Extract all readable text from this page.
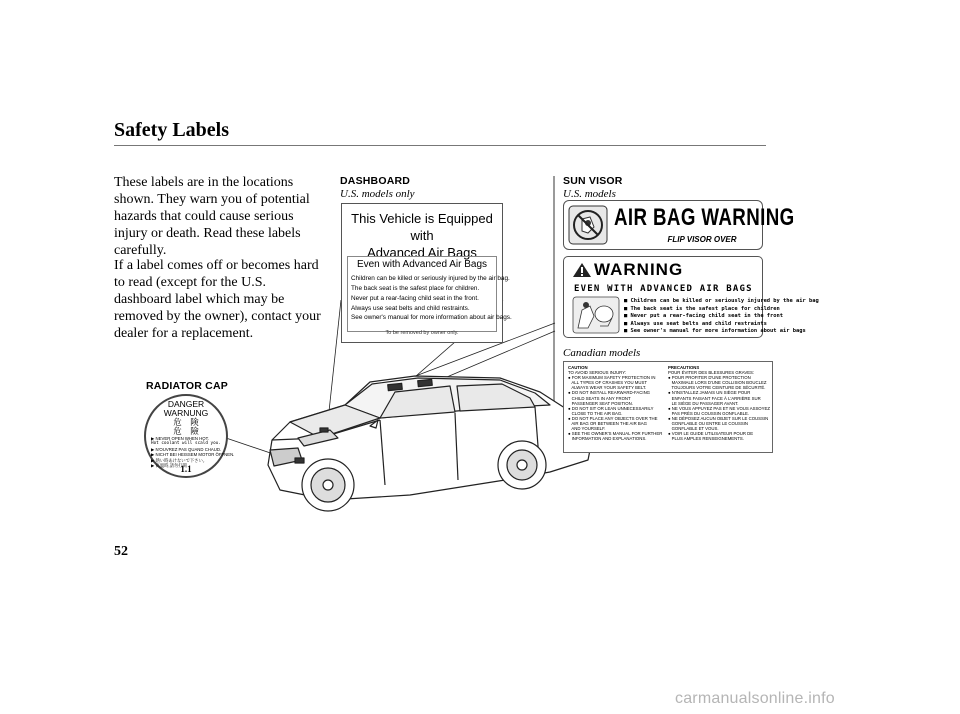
Safety Labels
These labels are in the locations shown. They warn you of potential hazards that could cause serious injury or death. Read these labels carefully.
If a label comes off or becomes hard to read (except for the U.S. dashboard label which may be removed by the owner), contact your dealer for a replacement.
DASHBOARD
U.S. models only
SUN VISOR
U.S. models
Canadian models
RADIATOR CAP
This Vehicle is Equipped with
Advanced Air Bags
Even with Advanced Air Bags
Children can be killed or seriously injured by the air bag.
The back seat is the safest place for children.
Never put a rear-facing child seat in the front.
Always use seat belts and child restraints.
See owner's manual for more information about air bags.
To be removed by owner only.
AIR BAG WARNING
FLIP VISOR OVER
WARNING
EVEN WITH ADVANCED AIR BAGS
■ Children can be killed or seriously injured by the air bag
■ The back seat is the safest place for children
■ Never put a rear-facing child seat in the front
■ Always use seat belts and child restraints
■ See owner's manual for more information about air bags
CAUTION
TO AVOID SERIOUS INJURY:
● FOR MAXIMUM SAFETY PROTECTION IN
ALL TYPES OF CRASHES YOU MUST
ALWAYS WEAR YOUR SAFETY BELT.
● DO NOT INSTALL REARWARD-FACING
CHILD SEATS IN ANY FRONT
PASSENGER SEAT POSITION.
● DO NOT SIT OR LEAN UNNECESSARILY
CLOSE TO THE AIR BAG.
● DO NOT PLACE ANY OBJECTS OVER THE
AIR BAG OR BETWEEN THE AIR BAG
AND YOURSELF.
● SEE THE OWNER'S MANUAL FOR FURTHER
INFORMATION AND EXPLANATIONS.
PRECAUTIONS
POUR ÉVITER DES BLESSURES GRAVES:
● POUR PROFITER D'UNE PROTECTION
MAXIMALE LORS D'UNE COLLISION BOUCLEZ
TOUJOURS VOTRE CEINTURE DE SÉCURITÉ.
● N'INSTALLEZ JAMAIS UN SIÈGE POUR
ENFANTS FAISANT FACE À L'ARRIÈRE SUR
LE SIÈGE DU PASSAGER AVANT.
● NE VOUS APPUYEZ PAS ET NE VOUS ASSOYEZ
PAS PRÈS DU COUSSIN GONFLABLE.
● NE DÉPOSEZ AUCUN OBJET SUR LE COUSSIN
GONFLABLE OU ENTRE LE COUSSIN
GONFLABLE ET VOUS.
● VOIR LE GUIDE UTILISATEUR POUR DE
PLUS AMPLES RENSEIGNEMENTS.
DANGER
WARNUNG
危　険
危　險
▶ NEVER OPEN WHEN HOT.
Hot coolant will scald you.
▶ N'OUVREZ PAS QUAND CHAUD.
▶ NICHT BEI HEISSEM MOTOR ÖFFNEN.
▶ 熱い時あけないで下さい。
▶ 高溫時,請勿打開
1.1
52
carmanualsonline.info
